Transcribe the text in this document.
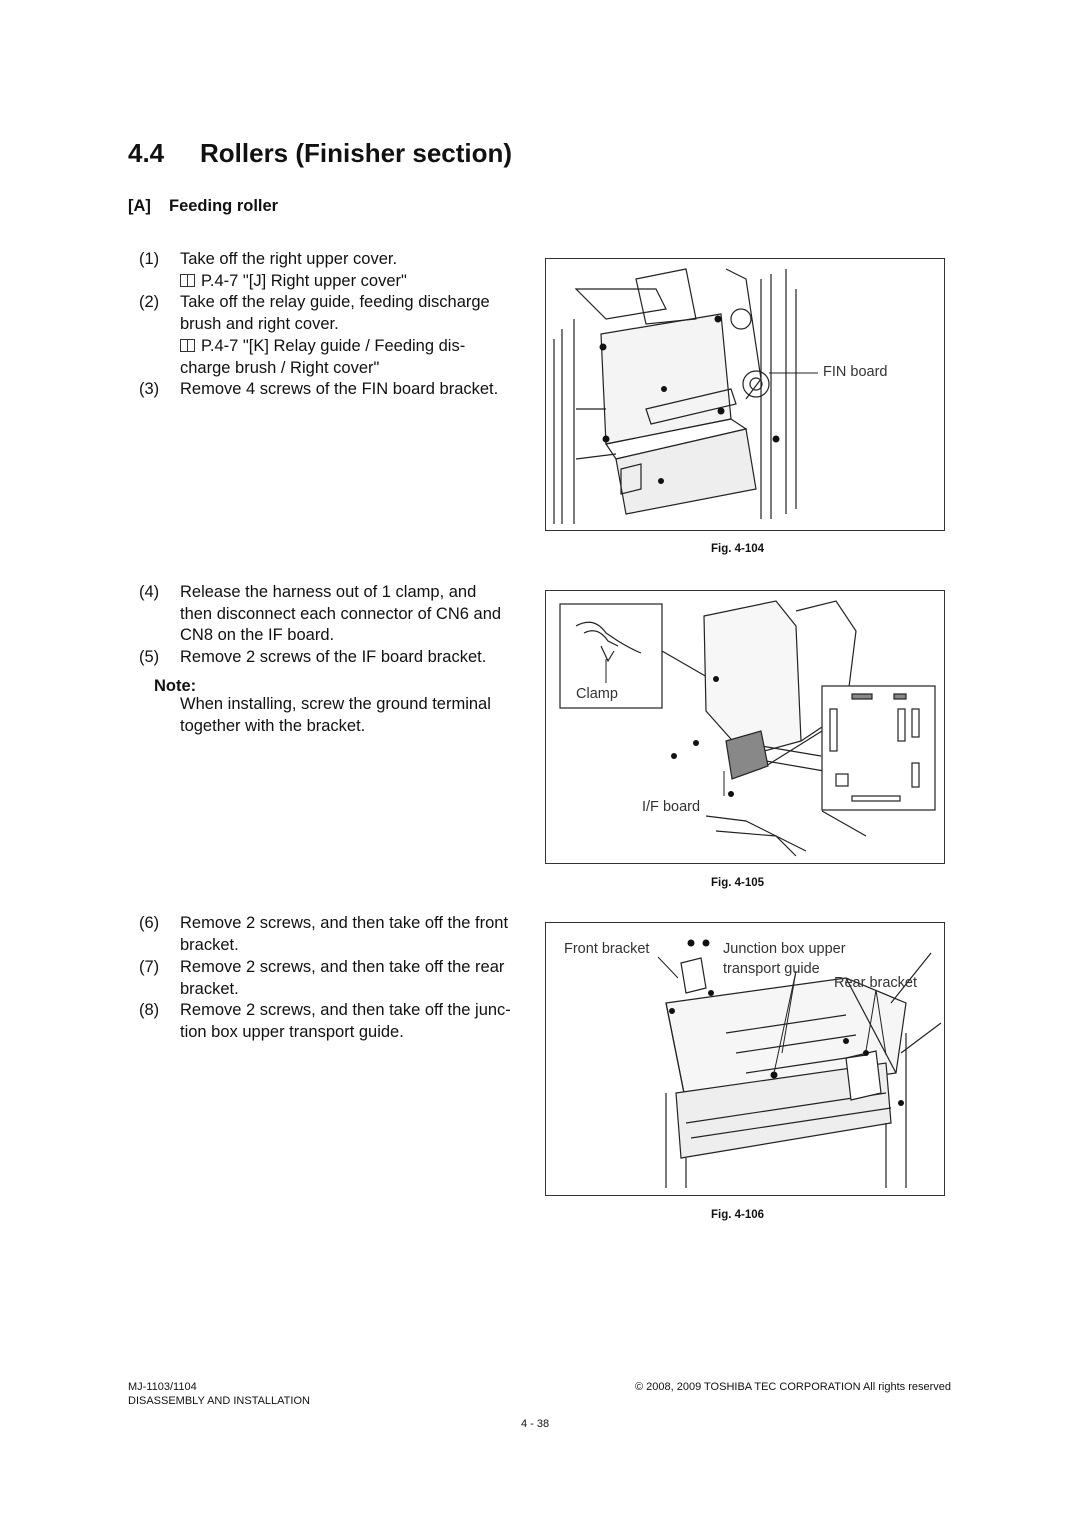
4.4 Rollers (Finisher section)
[A] Feeding roller
(1) Take off the right upper cover.
P.4-7 "[J] Right upper cover"
(2) Take off the relay guide, feeding discharge
brush and right cover.
P.4-7 "[K] Relay guide / Feeding dis-
charge brush / Right cover"
(3) Remove 4 screws of the FIN board bracket.
(4) Release the harness out of 1 clamp, and
then disconnect each connector of CN6 and
CN8 on the IF board.
(5) Remove 2 screws of the IF board bracket.
Note:
When installing, screw the ground terminal
together with the bracket.
(6) Remove 2 screws, and then take off the front
bracket.
(7) Remove 2 screws, and then take off the rear
bracket.
(8) Remove 2 screws, and then take off the junc-
tion box upper transport guide.
FIN board
Fig. 4-104
Clamp
I/F board
Fig. 4-105
Front bracket	Junction box upper
transport guide
Rear bracket
Fig. 4-106
MJ-1103/1104
DISASSEMBLY AND INSTALLATION
© 2008, 2009 TOSHIBA TEC CORPORATION All rights reserved
4 - 38
